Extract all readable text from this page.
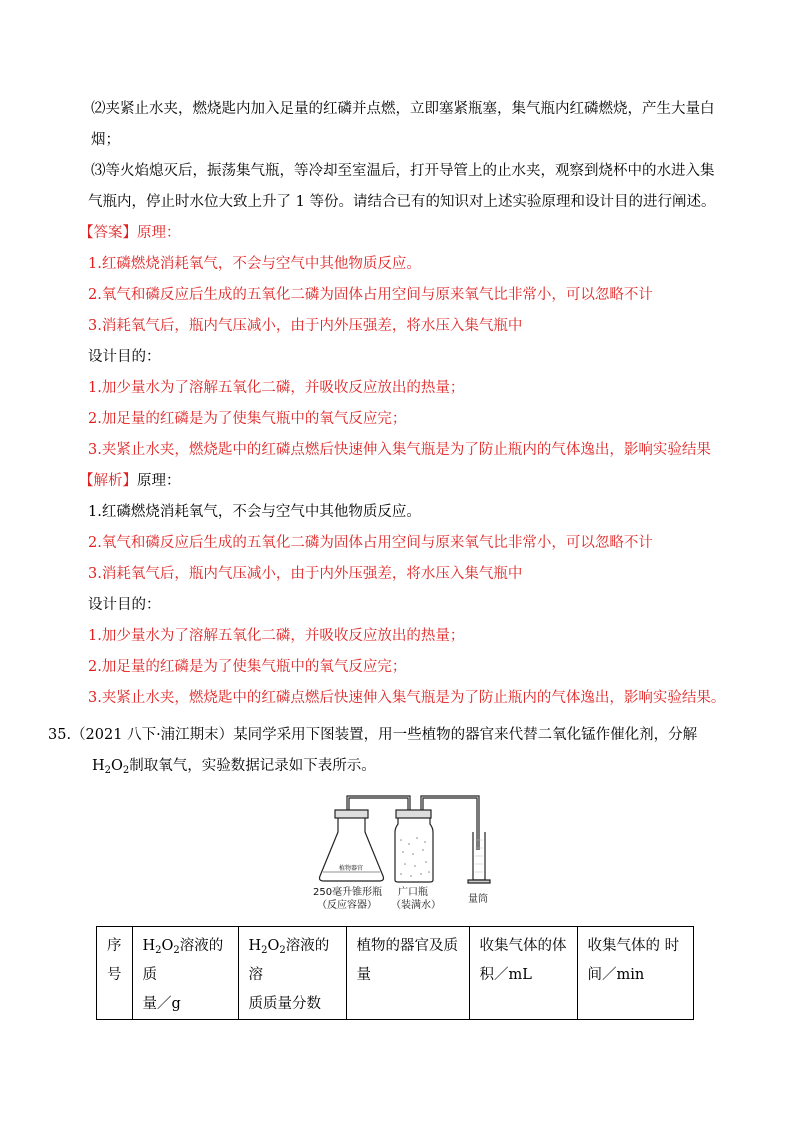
⑵夹紧止水夹，燃烧匙内加入足量的红磷并点燃，立即塞紧瓶塞，集气瓶内红磷燃烧，产生大量白
烟；
⑶等火焰熄灭后，振荡集气瓶，等冷却至室温后，打开导管上的止水夹，观察到烧杯中的水进入集
气瓶内，停止时水位大致上升了 1 等份。请结合已有的知识对上述实验原理和设计目的进行阐述。
【答案】原理：
1.红磷燃烧消耗氧气，不会与空气中其他物质反应。
2.氧气和磷反应后生成的五氧化二磷为固体占用空间与原来氧气比非常小，可以忽略不计
3.消耗氧气后，瓶内气压减小，由于内外压强差，将水压入集气瓶中
设计目的：
1.加少量水为了溶解五氧化二磷，并吸收反应放出的热量；
2.加足量的红磷是为了使集气瓶中的氧气反应完；
3.夹紧止水夹，燃烧匙中的红磷点燃后快速伸入集气瓶是为了防止瓶内的气体逸出，影响实验结果
【解析】原理：
1.红磷燃烧消耗氧气，不会与空气中其他物质反应。
2.氧气和磷反应后生成的五氧化二磷为固体占用空间与原来氧气比非常小，可以忽略不计
3.消耗氧气后，瓶内气压减小，由于内外压强差，将水压入集气瓶中
设计目的：
1.加少量水为了溶解五氧化二磷，并吸收反应放出的热量；
2.加足量的红磷是为了使集气瓶中的氧气反应完；
3.夹紧止水夹，燃烧匙中的红磷点燃后快速伸入集气瓶是为了防止瓶内的气体逸出，影响实验结果。
35.（2021 八下·浦江期末）某同学采用下图装置，用一些植物的器官来代替二氧化锰作催化剂，分解
$H_2O_2$制取氧气，实验数据记录如下表所示。
植物器官
250毫升锥形瓶
（反应容器）
广口瓶
（装满水）
量筒
序
号

$H_2O_2$溶液的质
量／g

$H_2O_2$溶液的溶
质质量分数

植物的器官及质
量

收集气体的体
积／mL

收集气体的 时
间／min
